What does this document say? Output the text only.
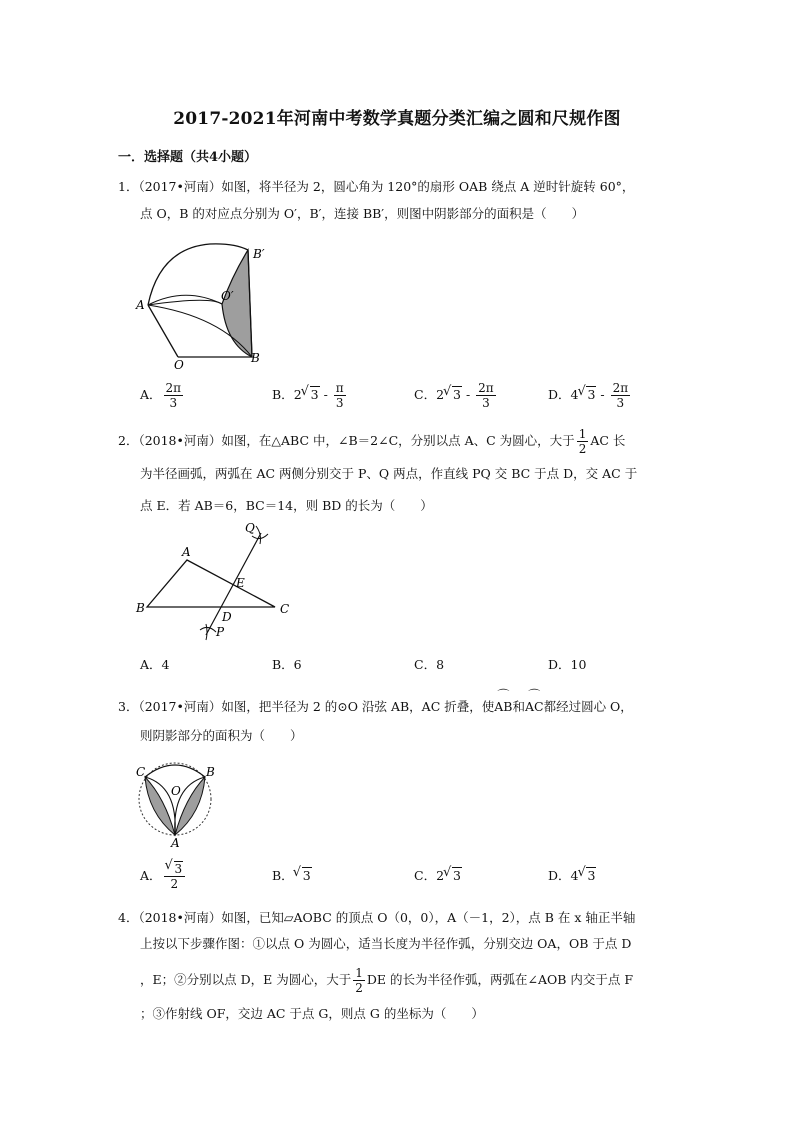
2017-2021年河南中考数学真题分类汇编之圆和尺规作图
一．选择题（共4小题）
1．（2017•河南）如图，将半径为 2，圆心角为 120°的扇形 OAB 绕点 A 逆时针旋转 60°，
点 O，B 的对应点分别为 O′，B′，连接 BB′，则图中阴影部分的面积是（　　）
B′
A
O′
O	B
A． $\frac{2\pi}{3}$	B．2 √ $3 - \frac{\pi}{3}$	C．2 √ $3 - \frac{2\pi}{3}$	D．4 √ $3 - \frac{2\pi}{3}$
2．（2018•河南）如图，在△ABC 中，∠B＝2∠C，分别以点 A、C 为圆心，大于 $\frac{1}{2}$ AC 长
为半径画弧，两弧在 AC 两侧分别交于 P、Q 两点，作直线 PQ 交 BC 于点 D，交 AC 于
点 E．若 AB＝6，BC＝14，则 BD 的长为（　　）
Q
A
E
B
D
C
P
A．4	B．6	C．8	D．10
3．（2017•河南）如图，把半径为 2 的⊙O 沿弦 AB，AC 折叠，使⌒ AB和⌒ AC都经过圆心 O，
则阴影部分的面积为（　　）
C
O
B
A
A． √ $\frac{3}{2}$	B． √ 3	C．2 √ 3	D．4 √ 3
4．（2018•河南）如图，已知▱AOBC 的顶点 O（0，0），A（－1，2），点 B 在 x 轴正半轴
上按以下步骤作图：①以点 O 为圆心，适当长度为半径作弧，分别交边 OA，OB 于点 D
，E；②分别以点 D，E 为圆心，大于 $\frac{1}{2}$ DE 的长为半径作弧，两弧在∠AOB 内交于点 F
；③作射线 OF，交边 AC 于点 G，则点 G 的坐标为（　　）
